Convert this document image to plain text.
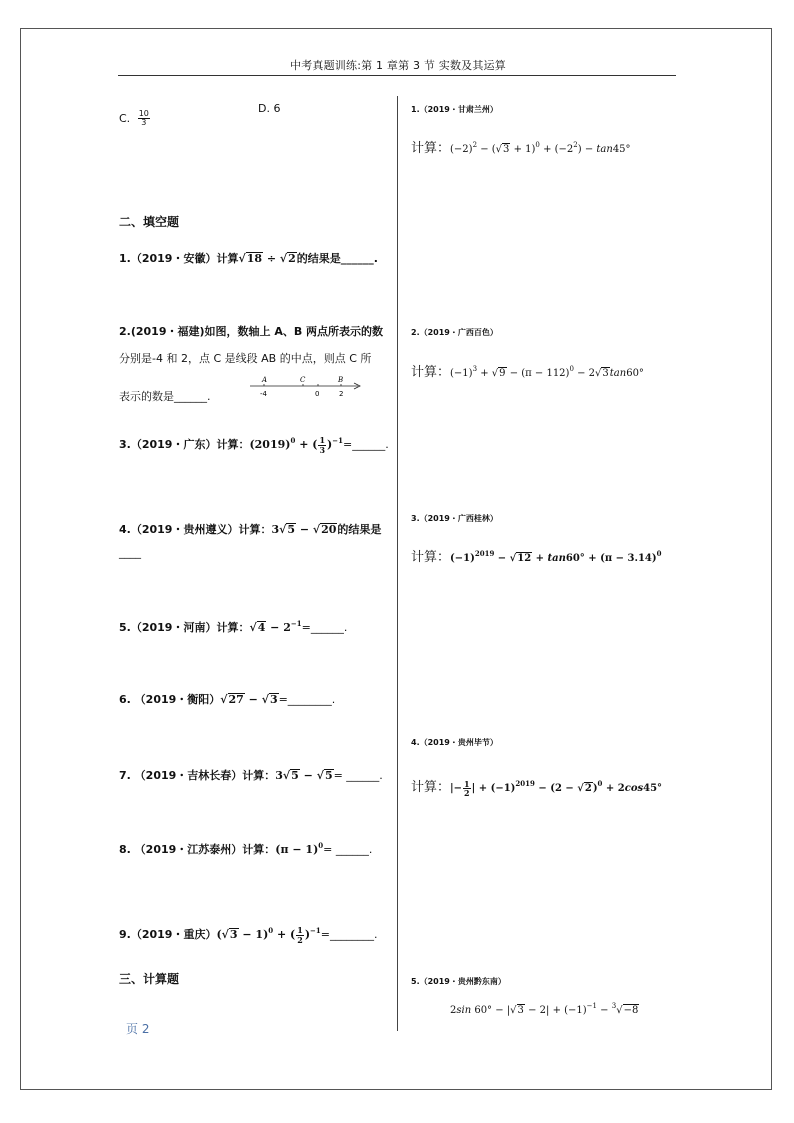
中考真题训练:第 1 章第 3 节 实数及其运算
C. $\frac{10}{3}$
D. 6
二、填空题
1.（2019・安徽）计算√18 ÷ √2的结果是______.
2.(2019・福建)如图，数轴上 A、B 两点所表示的数
分别是-4 和 2，点 C 是线段 AB 的中点，则点 C 所
表示的数是______.
A	C	B
-4	0	2
3.（2019・广东）计算：$(2019)^0$ + ( $\frac{1}{3}$ )$^{-1}$=______.
4.（2019・贵州遵义）计算：3√5 − √20的结果是
____
5.（2019・河南）计算：$√4 - 2^{-1}=\_\_\_\_\_\_$.
6. （2019・衡阳）√27 − √3=________.
7. （2019・吉林长春）计算：3√5 − √5= ______.
8. （2019・江苏泰州）计算：$(\pi - 1)^0=$ ______.
9.（2019・重庆）$(√3 - 1)^0$ + ( $\frac{1}{2}$ )$^{-1}$=________.
三、计算题
页 2
1.（2019・甘肃兰州）
计算：$(-2)^2 - (√3 + 1)^0 + (-2^2) - \tan 45^\circ$
2.（2019・广西百色）
计算：$(-1)^3 + √9 - (\pi - 112)^0 - 2√3\tan 60^\circ$
3.（2019・广西桂林）
计算：$(-1)^{2019} - √12 + \tan 60^\circ + (\pi - 3.14)^0$
4.（2019・贵州毕节）
计算：|− $\frac{1}{2}$ | + $(-1)^{2019} - (2 - √2)^0 + 2\cos 45^\circ$
5.（2019・贵州黔东南）
2sin $60^\circ - |√3 - 2| + (-1)^{-1} - ^3√-8$
